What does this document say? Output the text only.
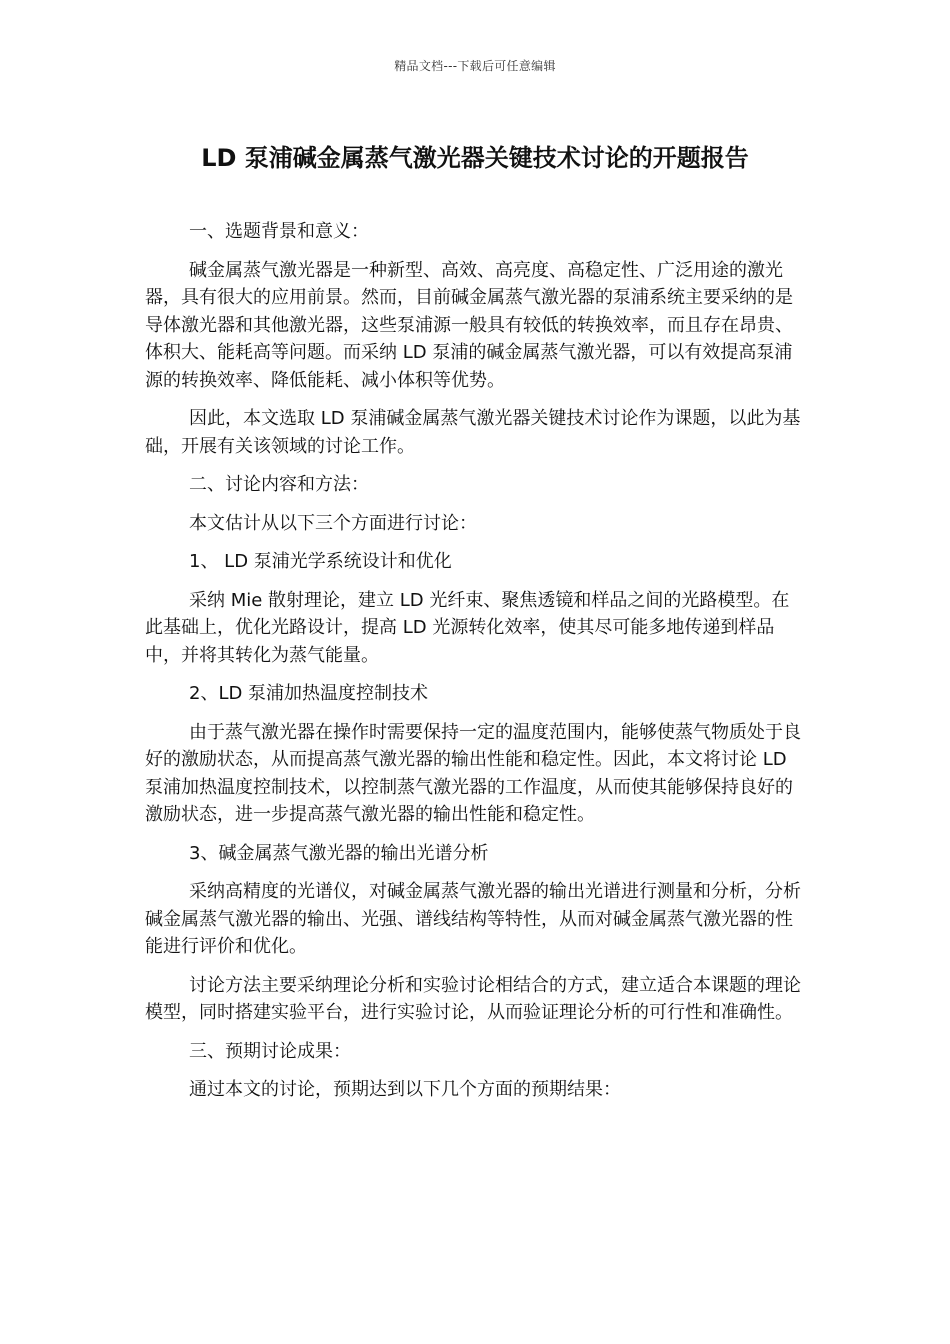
精品文档---下载后可任意编辑
LD 泵浦碱金属蒸气激光器关键技术讨论的开题报告

一、选题背景和意义：

碱金属蒸气激光器是一种新型、高效、高亮度、高稳定性、广泛用途的激光器，具有很大的应用前景。然而，目前碱金属蒸气激光器的泵浦系统主要采纳的是导体激光器和其他激光器，这些泵浦源一般具有较低的转换效率，而且存在昂贵、体积大、能耗高等问题。而采纳 LD 泵浦的碱金属蒸气激光器，可以有效提高泵浦源的转换效率、降低能耗、减小体积等优势。

因此，本文选取 LD 泵浦碱金属蒸气激光器关键技术讨论作为课题，以此为基础，开展有关该领域的讨论工作。

二、讨论内容和方法：

本文估计从以下三个方面进行讨论：

1、 LD 泵浦光学系统设计和优化

采纳 Mie 散射理论，建立 LD 光纤束、聚焦透镜和样品之间的光路模型。在此基础上，优化光路设计，提高 LD 光源转化效率，使其尽可能多地传递到样品中，并将其转化为蒸气能量。

2、LD 泵浦加热温度控制技术

由于蒸气激光器在操作时需要保持一定的温度范围内，能够使蒸气物质处于良好的激励状态，从而提高蒸气激光器的输出性能和稳定性。因此，本文将讨论 LD 泵浦加热温度控制技术，以控制蒸气激光器的工作温度，从而使其能够保持良好的激励状态，进一步提高蒸气激光器的输出性能和稳定性。

3、碱金属蒸气激光器的输出光谱分析

采纳高精度的光谱仪，对碱金属蒸气激光器的输出光谱进行测量和分析，分析碱金属蒸气激光器的输出、光强、谱线结构等特性，从而对碱金属蒸气激光器的性能进行评价和优化。

讨论方法主要采纳理论分析和实验讨论相结合的方式，建立适合本课题的理论模型，同时搭建实验平台，进行实验讨论，从而验证理论分析的可行性和准确性。

三、预期讨论成果：

通过本文的讨论，预期达到以下几个方面的预期结果：
